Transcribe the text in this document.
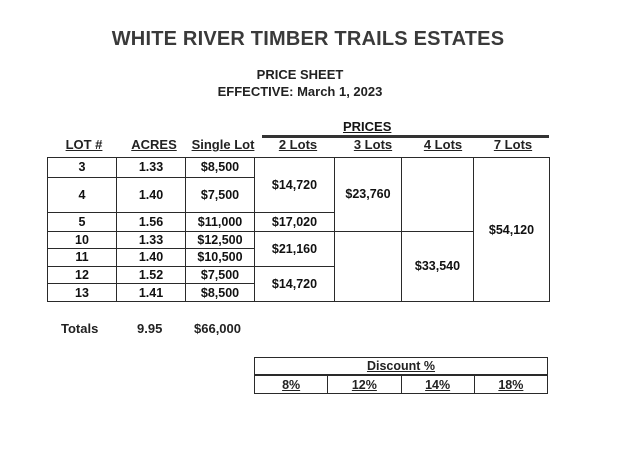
WHITE RIVER TIMBER TRAILS ESTATES
PRICE SHEET
EFFECTIVE: March 1, 2023
PRICES
LOT #	ACRES	Single Lot	2 Lots	3 Lots	4 Lots	7 Lots
3	1.33	$8,500	$14,720	$23,760		$54,120
4	1.40	$7,500				
5	1.56	$11,000	$17,020			
10	1.33	$12,500	$21,160		$33,540	
11	1.40	$10,500				
12	1.52	$7,500	$14,720			
13	1.41	$8,500				
Totals	9.95 $66,000
Discount %
8%	12%	14%	18%
